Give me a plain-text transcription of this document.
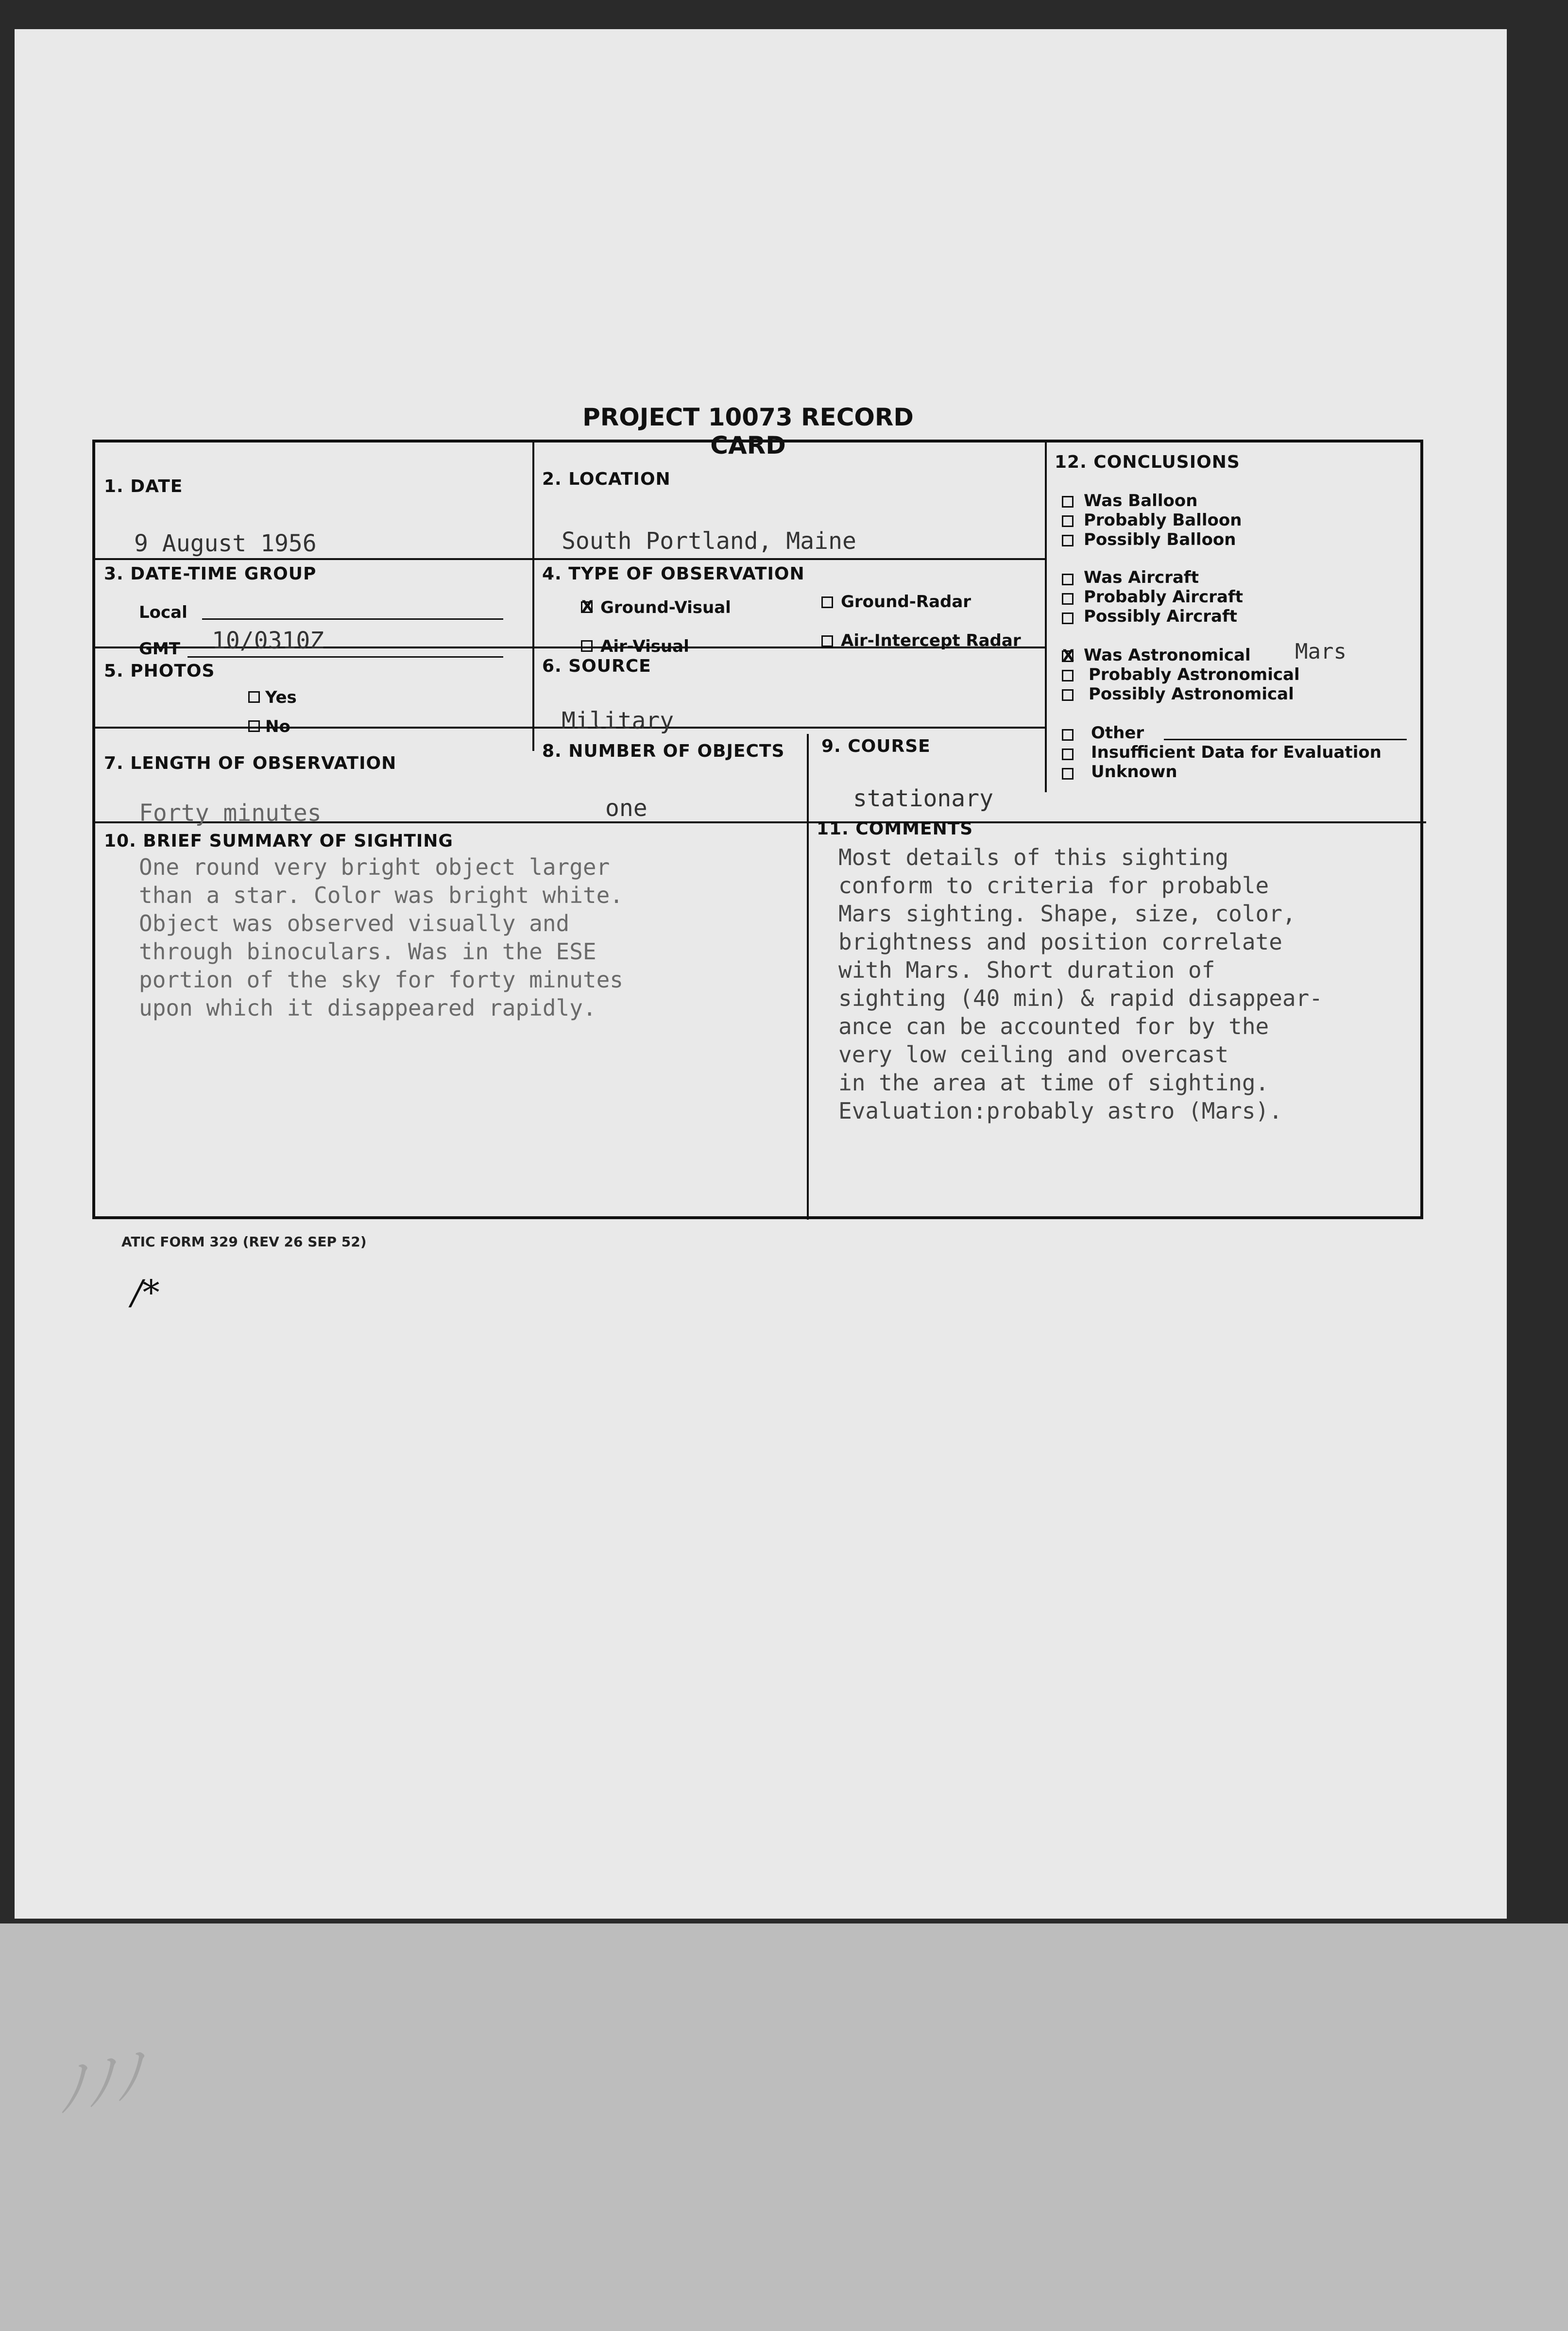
ﾉﾉﾉ
PROJECT 10073 RECORD CARD
1. DATE
9 August 1956
2. LOCATION
South Portland, Maine
3. DATE-TIME GROUP
Local
GMT 10/0310Z
4. TYPE OF OBSERVATION
X
Ground-Visual	Ground-Radar
Air-Visual	Air-Intercept Radar
5. PHOTOS
Yes
No
6. SOURCE
Military
7. LENGTH OF OBSERVATION
Forty minutes
8. NUMBER OF OBJECTS
one
9. COURSE
stationary
10. BRIEF SUMMARY OF SIGHTING
One round very bright object larger
than a star. Color was bright white.
Object was observed visually and
through binoculars. Was in the ESE
portion of the sky for forty minutes
upon which it disappeared rapidly.
11. COMMENTS
Most details of this sighting
conform to criteria for probable
Mars sighting. Shape, size, color,
brightness and position correlate
with Mars. Short duration of
sighting (40 min) & rapid disappear-
ance can be accounted for by the
very low ceiling and overcast
in the area at time of sighting.
Evaluation:probably astro (Mars).
12. CONCLUSIONS
Was Balloon
Probably Balloon
Possibly Balloon
Was Aircraft
Probably Aircraft
Possibly Aircraft
X
Was Astronomical Mars
Probably Astronomical
Possibly Astronomical
Other
Insufficient Data for Evaluation
Unknown
ATIC FORM 329 (REV 26 SEP 52)
/*
